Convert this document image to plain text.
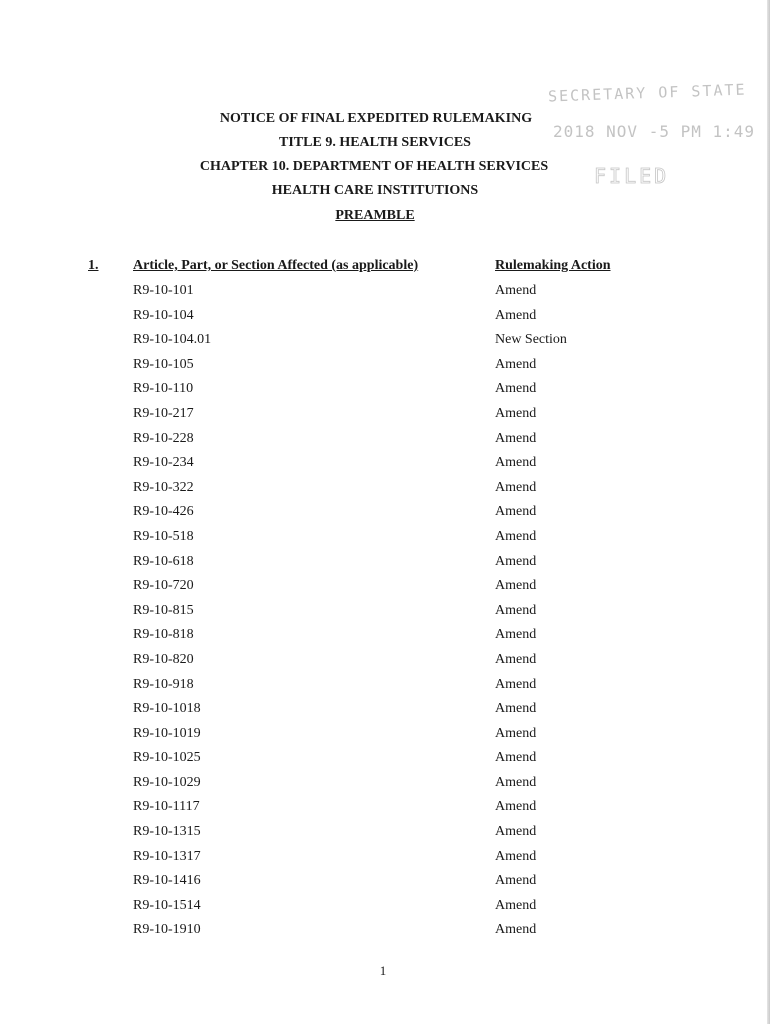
SECRETARY OF STATE
2018 NOV -5 PM 1:49
FILED
NOTICE OF FINAL EXPEDITED RULEMAKING
TITLE 9. HEALTH SERVICES
CHAPTER 10. DEPARTMENT OF HEALTH SERVICES
HEALTH CARE INSTITUTIONS
PREAMBLE
1. Article, Part, or Section Affected (as applicable)	Rulemaking Action
R9-10-101	Amend
R9-10-104	Amend
R9-10-104.01	New Section
R9-10-105	Amend
R9-10-110	Amend
R9-10-217	Amend
R9-10-228	Amend
R9-10-234	Amend
R9-10-322	Amend
R9-10-426	Amend
R9-10-518	Amend
R9-10-618	Amend
R9-10-720	Amend
R9-10-815	Amend
R9-10-818	Amend
R9-10-820	Amend
R9-10-918	Amend
R9-10-1018	Amend
R9-10-1019	Amend
R9-10-1025	Amend
R9-10-1029	Amend
R9-10-1117	Amend
R9-10-1315	Amend
R9-10-1317	Amend
R9-10-1416	Amend
R9-10-1514	Amend
R9-10-1910	Amend
1
